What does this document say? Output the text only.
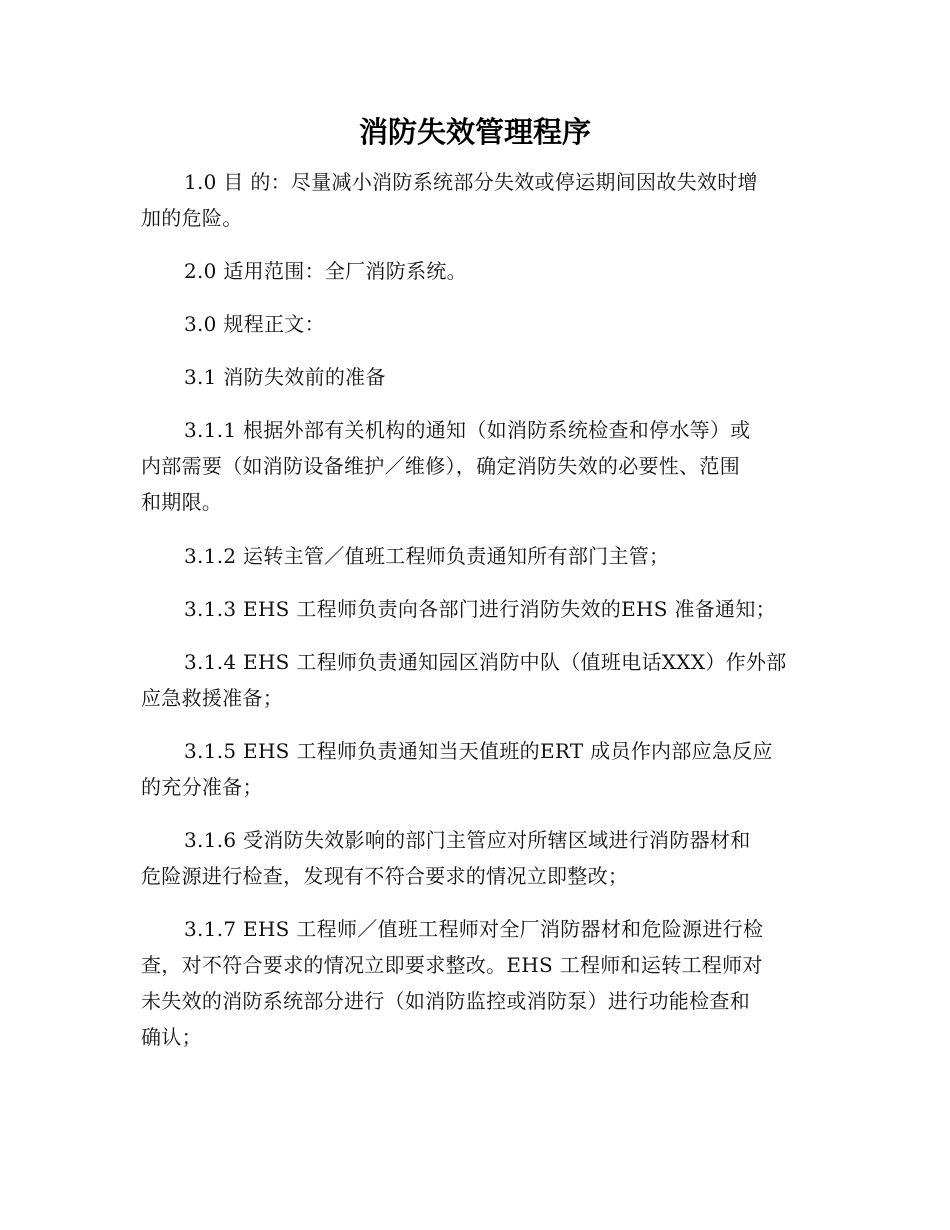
消防失效管理程序
1.0 目 的：尽量减小消防系统部分失效或停运期间因故失效时增
加的危险。
2.0 适用范围：全厂消防系统。
3.0 规程正文：
3.1 消防失效前的准备
3.1.1 根据外部有关机构的通知（如消防系统检查和停水等）或
内部需要（如消防设备维护／维修），确定消防失效的必要性、范围
和期限。
3.1.2 运转主管／值班工程师负责通知所有部门主管；
3.1.3 EHS 工程师负责向各部门进行消防失效的EHS 准备通知；
3.1.4 EHS 工程师负责通知园区消防中队（值班电话XXX）作外部
应急救援准备；
3.1.5 EHS 工程师负责通知当天值班的ERT 成员作内部应急反应
的充分准备；
3.1.6 受消防失效影响的部门主管应对所辖区域进行消防器材和
危险源进行检查，发现有不符合要求的情况立即整改；
3.1.7 EHS 工程师／值班工程师对全厂消防器材和危险源进行检
查，对不符合要求的情况立即要求整改。EHS 工程师和运转工程师对
未失效的消防系统部分进行（如消防监控或消防泵）进行功能检查和
确认；
